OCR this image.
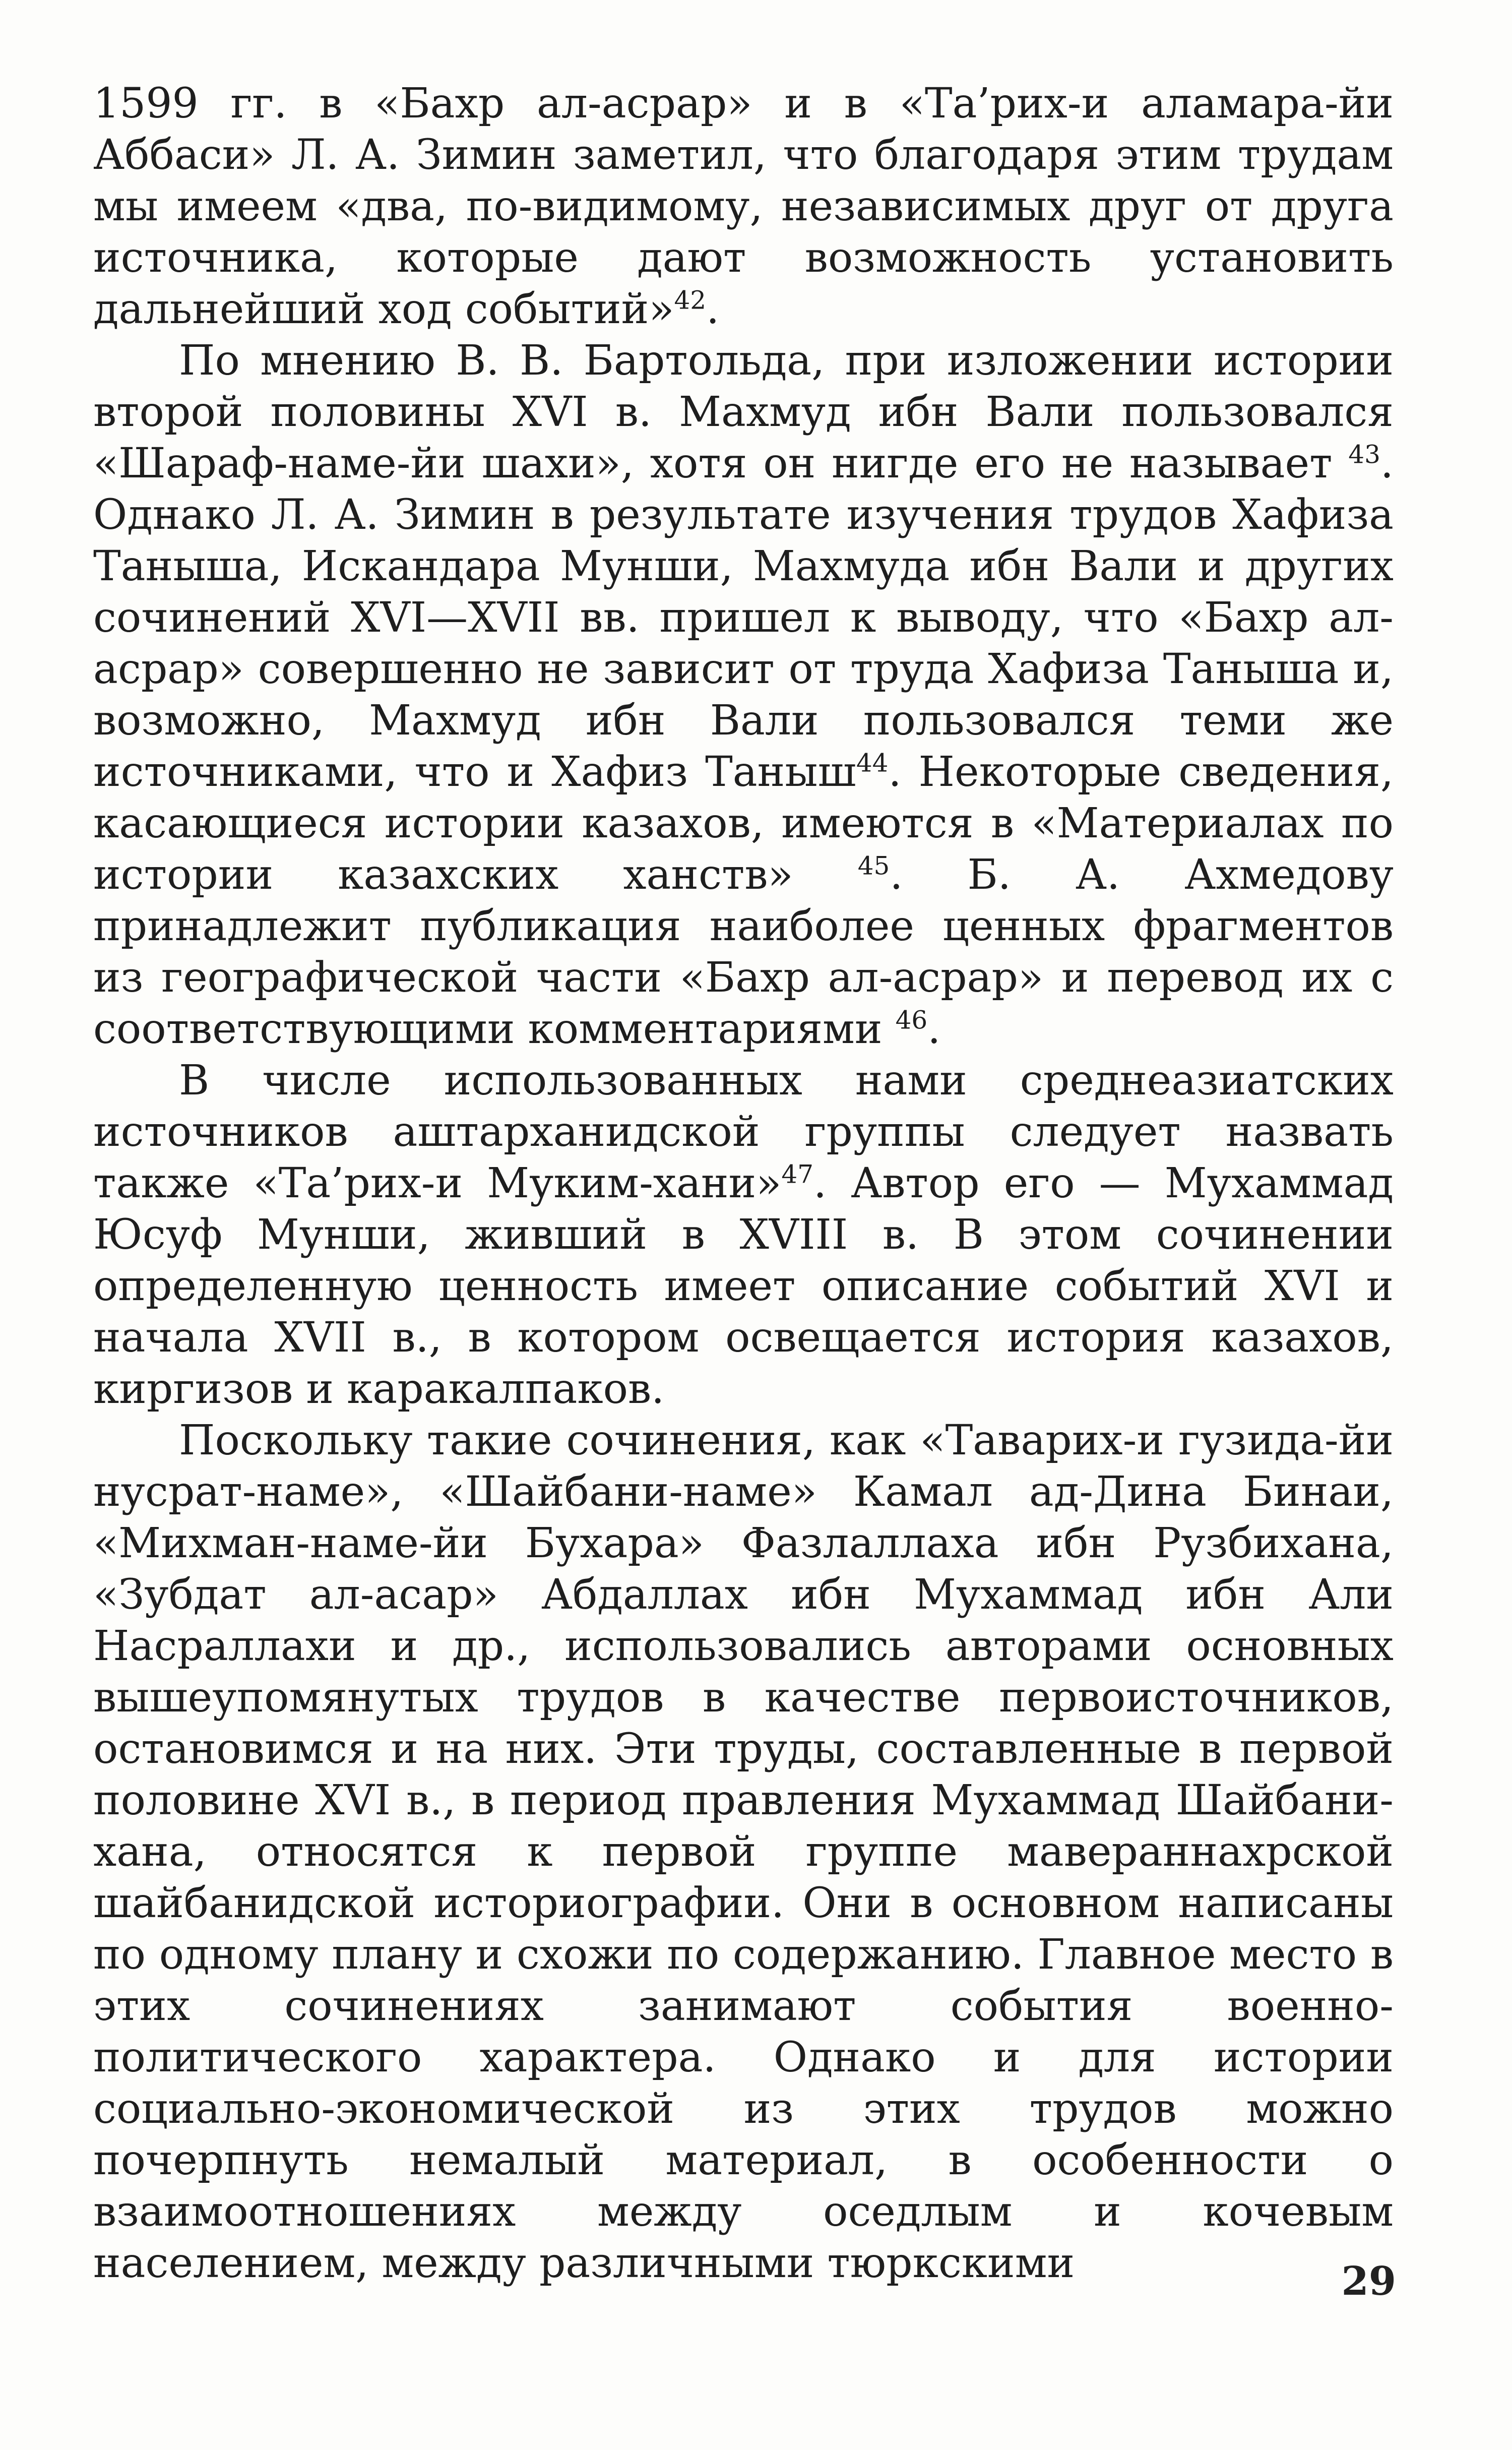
1599 гг. в «Бахр ал-асрар» и в «Та’рих-и аламара-йи Аббаси» Л. А. Зимин заметил, что благодаря этим трудам мы имеем «два, по-видимому, независимых друг от друга источника, которые дают возможность установить дальнейший ход событий»$^{42}$.

По мнению В. В. Бартольда, при изложении истории второй половины XVI в. Махмуд ибн Вали пользовался «Шараф-наме-йи шахи», хотя он нигде его не называет $^{43}$. Однако Л. А. Зимин в результате изучения трудов Хафиза Таныша, Искандара Мунши, Махмуда ибн Вали и других сочинений XVI—XVII вв. пришел к выводу, что «Бахр ал-асрар» совершенно не зависит от труда Хафиза Таныша и, возможно, Махмуд ибн Вали пользовался теми же источниками, что и Хафиз Таныш$^{44}$. Некоторые сведения, касающиеся истории казахов, имеются в «Материалах по истории казахских ханств» $^{45}$. Б. А. Ахмедову принадлежит публикация наиболее ценных фрагментов из географической части «Бахр ал-асрар» и перевод их с соответствующими комментариями $^{46}$.

В числе использованных нами среднеазиатских источников аштарханидской группы следует назвать также «Та’рих-и Муким-хани»$^{47}$. Автор его — Мухаммад Юсуф Мунши, живший в XVIII в. В этом сочинении определенную ценность имеет описание событий XVI и начала XVII в., в котором освещается история казахов, киргизов и каракалпаков.

Поскольку такие сочинения, как «Таварих-и гузида-йи нусрат-наме», «Шайбани-наме» Камал ад-Дина Бинаи, «Михман-наме-йи Бухара» Фазлаллаха ибн Рузбихана, «Зубдат ал-асар» Абдаллах ибн Мухаммад ибн Али Насраллахи и др., использовались авторами основных вышеупомянутых трудов в качестве первоисточников, остановимся и на них. Эти труды, составленные в первой половине XVI в., в период правления Мухаммад Шайбани-хана, относятся к первой группе мавераннахрской шайбанидской историографии. Они в основном написаны по одному плану и схожи по содержанию. Главное место в этих сочинениях занимают события военно-политического характера. Однако и для истории социально-экономической из этих трудов можно почерпнуть немалый материал, в особенности о взаимоотношениях между оседлым и кочевым населением, между различными тюркскими	29
